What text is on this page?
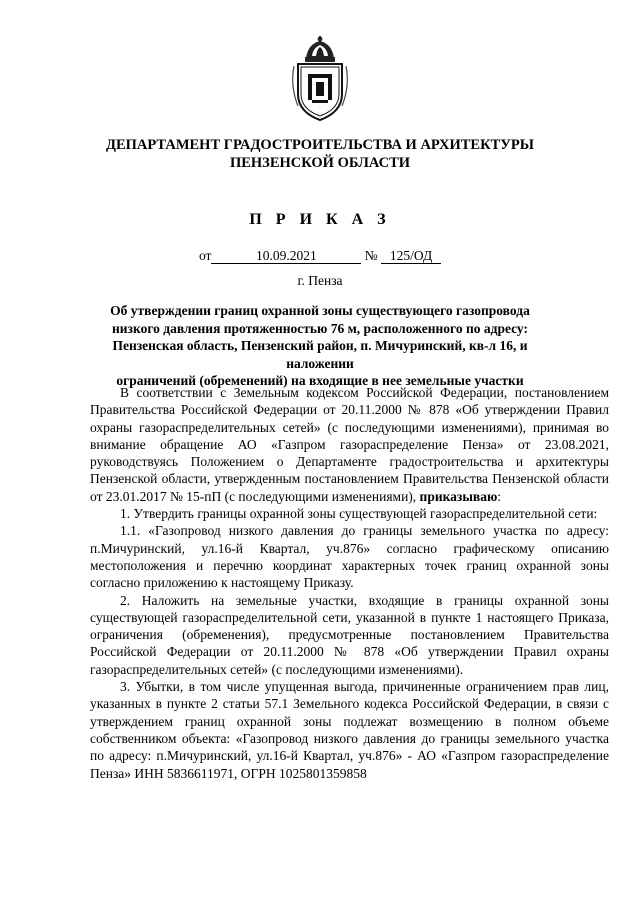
ДЕПАРТАМЕНТ ГРАДОСТРОИТЕЛЬСТВА И АРХИТЕКТУРЫ
ПЕНЗЕНСКОЙ ОБЛАСТИ
П Р И К А З
от	10.09.2021	№ 125/ОД
г. Пенза
Об утверждении границ охранной зоны существующего газопровода
низкого давления протяженностью 76 м, расположенного по адресу:
Пензенская область, Пензенский район, п. Мичуринский, кв-л 16, и наложении
ограничений (обременений) на входящие в нее земельные участки

В соответствии с Земельным кодексом Российской Федерации, постановлением Правительства Российской Федерации от 20.11.2000 № 878 «Об утверждении Правил охраны газораспределительных сетей» (с последующими изменениями), принимая во внимание обращение АО «Газпром газораспределение Пенза» от 23.08.2021, руководствуясь Положением о Департаменте градостроительства и архитектуры Пензенской области, утвержденным постановлением Правительства Пензенской области от 23.01.2017 № 15-пП (с последующими изменениями), приказываю:

1. Утвердить границы охранной зоны существующей газораспределительной сети:

1.1. «Газопровод низкого давления до границы земельного участка по адресу: п.Мичуринский, ул.16-й Квартал, уч.876» согласно графическому описанию местоположения и перечню координат характерных точек границ охранной зоны согласно приложению к настоящему Приказу.

2. Наложить на земельные участки, входящие в границы охранной зоны существующей газораспределительной сети, указанной в пункте 1 настоящего Приказа, ограничения (обременения), предусмотренные постановлением Правительства Российской Федерации от 20.11.2000 № 878 «Об утверждении Правил охраны газораспределительных сетей» (с последующими изменениями).

3. Убытки, в том числе упущенная выгода, причиненные ограничением прав лиц, указанных в пункте 2 статьи 57.1 Земельного кодекса Российской Федерации, в связи с утверждением границ охранной зоны подлежат возмещению в полном объеме собственником объекта: «Газопровод низкого давления до границы земельного участка по адресу: п.Мичуринский, ул.16-й Квартал, уч.876» - АО «Газпром газораспределение Пенза» ИНН 5836611971, ОГРН 1025801359858
